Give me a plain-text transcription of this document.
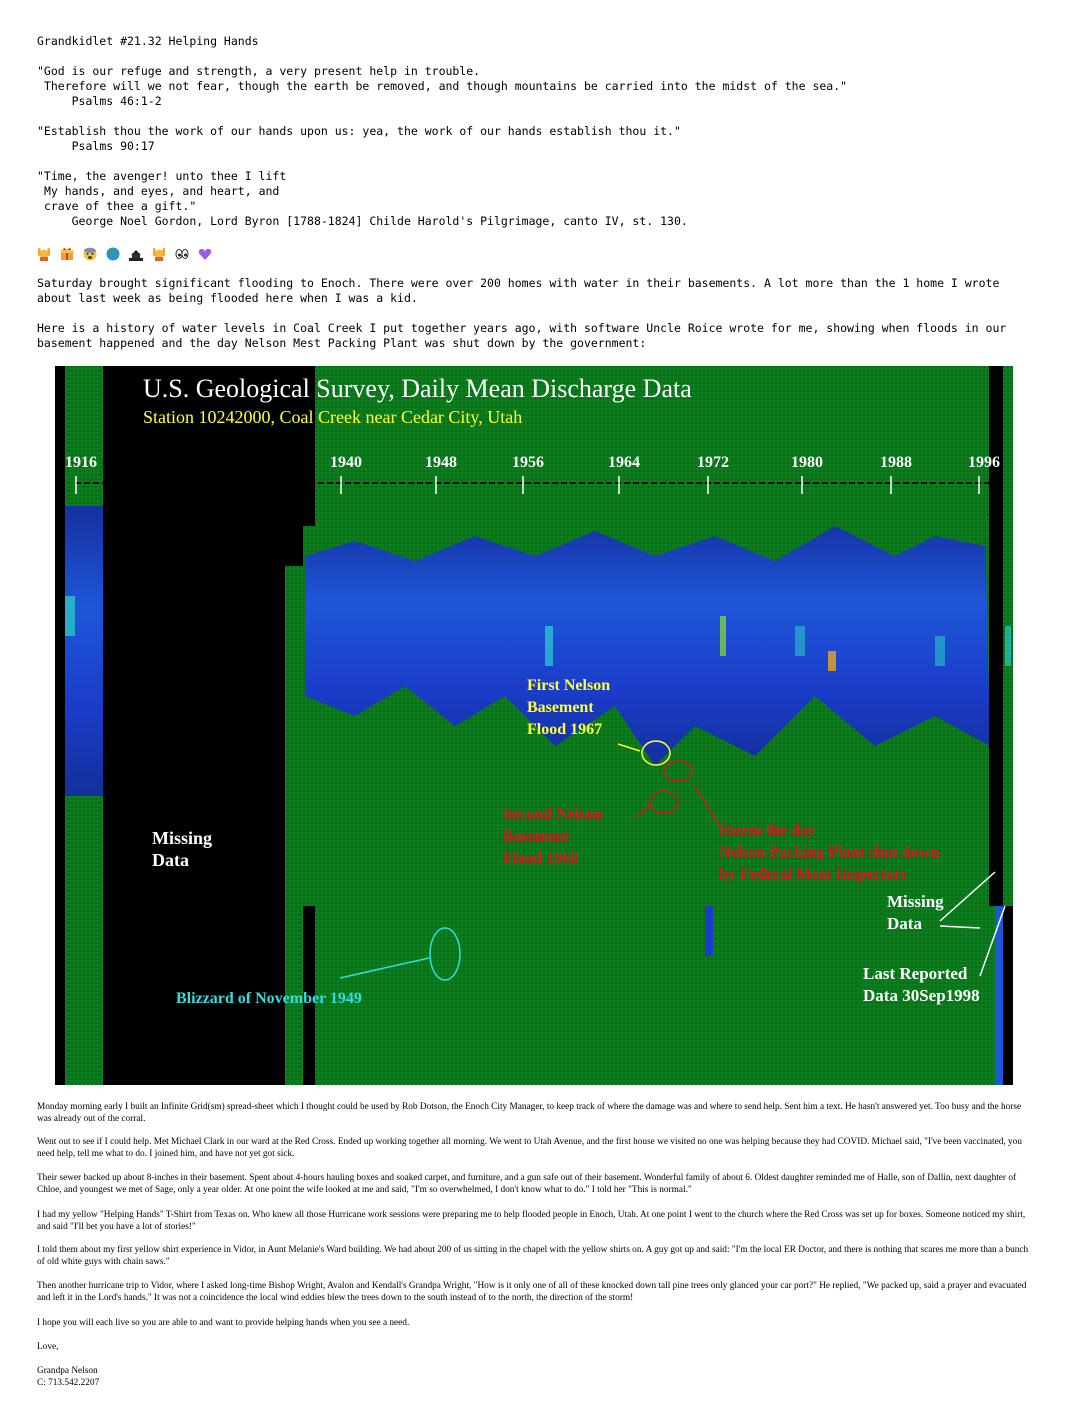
Grandkidlet #21.32 Helping Hands
"God is our refuge and strength, a very present help in trouble.
Therefore will we not fear, though the earth be removed, and though mountains be carried into the midst of the sea."
Psalms 46:1-2
"Establish thou the work of our hands upon us: yea, the work of our hands establish thou it."
Psalms 90:17
"Time, the avenger! unto thee I lift
My hands, and eyes, and heart, and
crave of thee a gift."
George Noel Gordon, Lord Byron [1788-1824] Childe Harold's Pilgrimage, canto IV, st. 130.
Saturday brought significant flooding to Enoch. There were over 200 homes with water in their basements. A lot more than the 1 home I wrote
about last week as being flooded here when I was a kid.
Here is a history of water levels in Coal Creek I put together years ago, with software Uncle Roice wrote for me, showing when floods in our
basement happened and the day Nelson Mest Packing Plant was shut down by the government:
U.S. Geological Survey, Daily Mean Discharge Data
Station 10242000, Coal Creek near Cedar City, Utah
1916	1940	1948	1956	1964	1972	1980	1988	1996
First Nelson
Basement
Flood 1967
Second Nelson
Basement
Flood 1968
Storm the day
Nelson Packing Plant shut down
by Federal Meat Inspectors
Missing
Data
Missing
Data
Last Reported
Data 30Sep1998
Blizzard of November 1949
Monday morning early I built an Infinite Grid(sm) spread-sheet which I thought could be used by Rob Dotson, the Enoch City Manager, to keep track of where the damage was and where to send help. Sent him a text. He hasn't answered yet. Too busy and the horse was already out of the corral.
Went out to see if I could help. Met Michael Clark in our ward at the Red Cross. Ended up working together all morning. We went to Utah Avenue, and the first house we visited no one was helping because they had COVID. Michael said, "I've been vaccinated, you need help, tell me what to do. I joined him, and have not yet got sick.
Their sewer backed up about 8-inches in their basement. Spent about 4-hours hauling boxes and soaked carpet, and furniture, and a gun safe out of their basement. Wonderful family of about 6. Oldest daughter reminded me of Halle, son of Dallin, next daughter of Chloe, and youngest we met of Sage, only a year older. At one point the wife looked at me and said, "I'm so overwhelmed, I don't know what to do." I told her "This is normal."
I had my yellow "Helping Hands" T-Shirt from Texas on. Who knew all those Hurricane work sessions were preparing me to help flooded people in Enoch, Utah. At one point I went to the church where the Red Cross was set up for boxes. Someone noticed my shirt, and said "I'll bet you have a lot of stories!"
I told them about my first yellow shirt experience in Vidor, in Aunt Melanie's Ward building. We had about 200 of us sitting in the chapel with the yellow shirts on. A guy got up and said: "I'm the local ER Doctor, and there is nothing that scares me more than a bunch of old white guys with chain saws."
Then another hurricane trip to Vidor, where I asked long-time Bishop Wright, Avalon and Kendall's Grandpa Wright, "How is it only one of all of these knocked down tall pine trees only glanced your car port?" He replied, "We packed up, said a prayer and evacuated and left it in the Lord's hands." It was not a coincidence the local wind eddies blew the trees down to the south instead of to the north, the direction of the storm!
I hope you will each live so you are able to and want to provide helping hands when you see a need.
Love,
Grandpa Nelson
C: 713.542.2207
